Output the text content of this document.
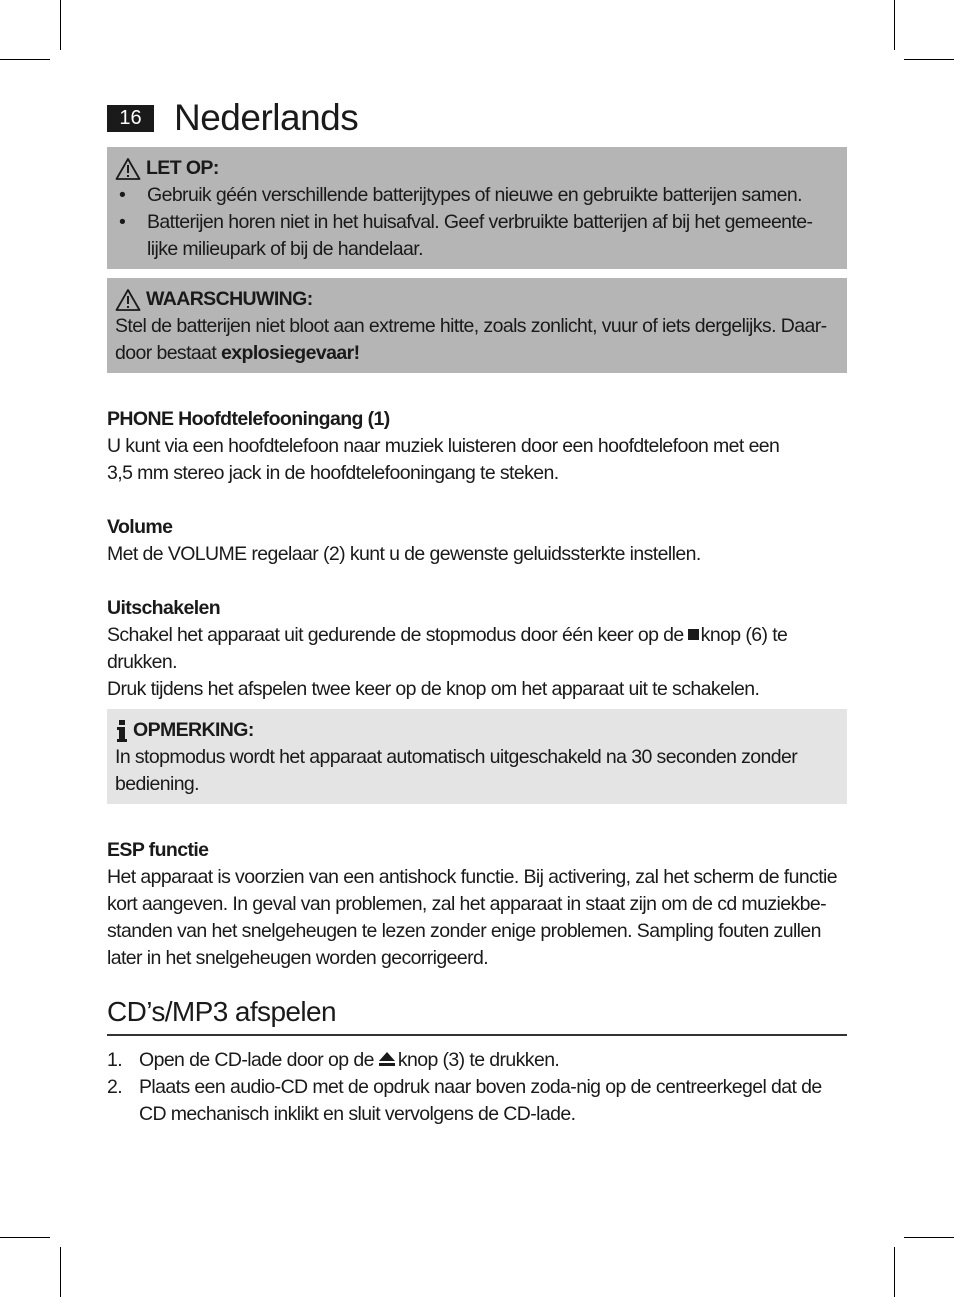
16 Nederlands
LET OP:
• Gebruik géén verschillende batterijtypes of nieuwe en gebruikte batterijen samen.
• Batterijen horen niet in het huisafval. Geef verbruikte batterijen af bij het gemeente-lijke milieupark of bij de handelaar.
WAARSCHUWING:

Stel de batterijen niet bloot aan extreme hitte, zoals zonlicht, vuur of iets dergelijks. Daar-door bestaat explosiegevaar!

PHONE Hoofdtelefooningang (1)

U kunt via een hoofdtelefoon naar muziek luisteren door een hoofdtelefoon met een

3,5 mm stereo jack in de hoofdtelefooningang te steken.

Volume

Met de VOLUME regelaar (2) kunt u de gewenste geluidssterkte instellen.

Uitschakelen

Schakel het apparaat uit gedurende de stopmodus door één keer op de knop (6) te drukken.

Druk tijdens het afspelen twee keer op de knop om het apparaat uit te schakelen.

OPMERKING:

In stopmodus wordt het apparaat automatisch uitgeschakeld na 30 seconden zonder bediening.

ESP functie

Het apparaat is voorzien van een antishock functie. Bij activering, zal het scherm de functie kort aangeven. In geval van problemen, zal het apparaat in staat zijn om de cd muziekbe-standen van het snelgeheugen te lezen zonder enige problemen. Sampling fouten zullen later in het snelgeheugen worden gecorrigeerd.

CD’s/MP3 afspelen
1. Open de CD-lade door op de knop (3) te drukken.
2. Plaats een audio-CD met de opdruk naar boven zoda-nig op de centreerkegel dat de CD mechanisch inklikt en sluit vervolgens de CD-lade.
